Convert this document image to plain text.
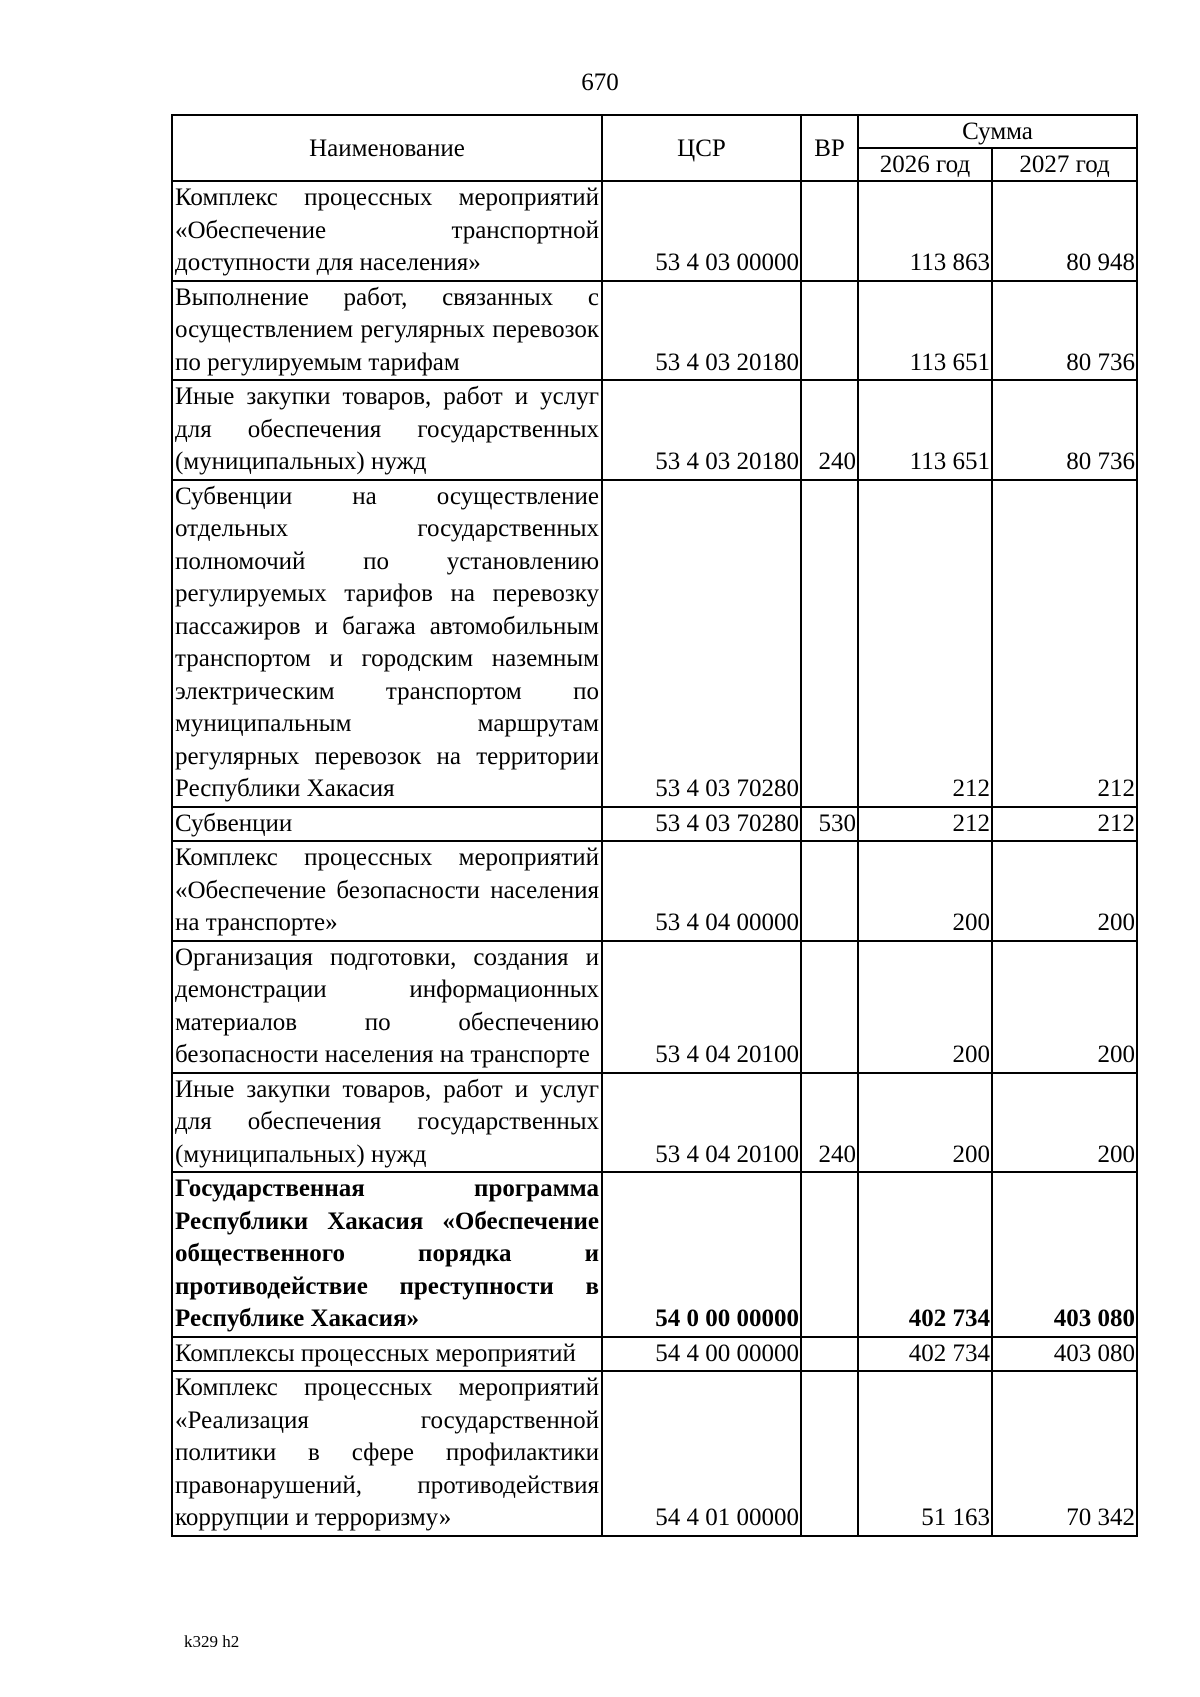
670
Наименование	ЦСР	ВР	Сумма	
			2026 год	2027 год
Комплекс процессных мероприятий «Обеспечение транспортной доступности для населения»	53 4 03 00000		113 863	80 948
Выполнение работ, связанных с осуществлением регулярных перевозок по регулируемым тарифам	53 4 03 20180		113 651	80 736
Иные закупки товаров, работ и услуг для обеспечения государственных (муниципальных) нужд	53 4 03 20180	240	113 651	80 736
Субвенции на осуществление отдельных государственных полномочий по установлению регулируемых тарифов на перевозку пассажиров и багажа автомобильным транспортом и городским наземным электрическим транспортом по муниципальным маршрутам регулярных перевозок на территории Республики Хакасия	53 4 03 70280		212	212
Субвенции	53 4 03 70280	530	212	212
Комплекс процессных мероприятий «Обеспечение безопасности населения на транспорте»	53 4 04 00000		200	200
Организация подготовки, создания и демонстрации информационных материалов по обеспечению безопасности населения на транспорте	53 4 04 20100		200	200
Иные закупки товаров, работ и услуг для обеспечения государственных (муниципальных) нужд	53 4 04 20100	240	200	200
Государственная программа Республики Хакасия «Обеспечение общественного порядка и противодействие преступности в Республике Хакасия»	54 0 00 00000		402 734	403 080
Комплексы процессных мероприятий	54 4 00 00000		402 734	403 080
Комплекс процессных мероприятий «Реализация государственной политики в сфере профилактики правонарушений, противодействия коррупции и терроризму»	54 4 01 00000		51 163	70 342
k329 h2
